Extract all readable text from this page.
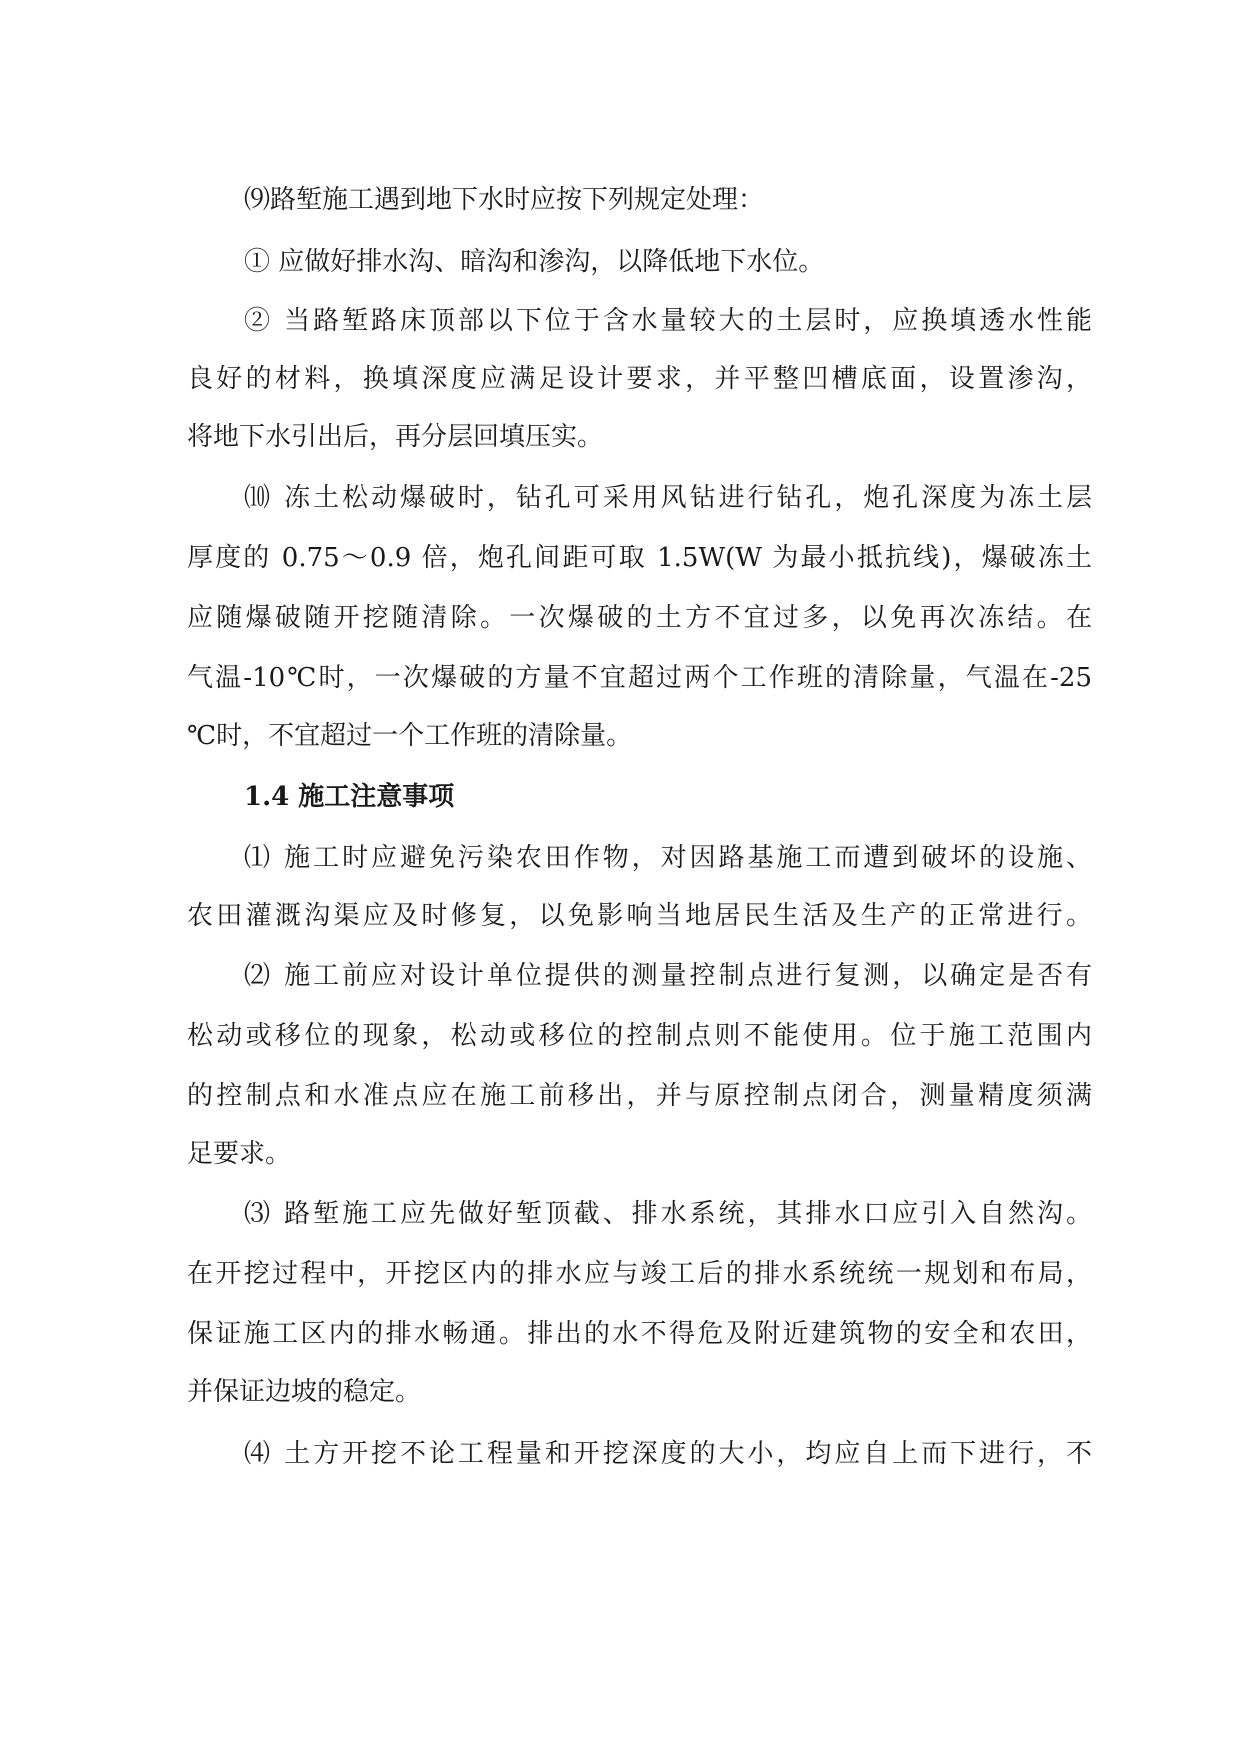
⑼路堑施工遇到地下水时应按下列规定处理：

① 应做好排水沟、暗沟和渗沟，以降低地下水位。

② 当路堑路床顶部以下位于含水量较大的土层时，应换填透水性能

良好的材料，换填深度应满足设计要求，并平整凹槽底面，设置渗沟，

将地下水引出后，再分层回填压实。

⑽ 冻土松动爆破时，钻孔可采用风钻进行钻孔，炮孔深度为冻土层

厚度的 0.75～0.9 倍，炮孔间距可取 1.5W(W 为最小抵抗线)，爆破冻土

应随爆破随开挖随清除。一次爆破的土方不宜过多，以免再次冻结。在

气温-10℃时，一次爆破的方量不宜超过两个工作班的清除量，气温在-25

℃时，不宜超过一个工作班的清除量。

1.4 施工注意事项

⑴ 施工时应避免污染农田作物，对因路基施工而遭到破坏的设施、

农田灌溉沟渠应及时修复，以免影响当地居民生活及生产的正常进行。

⑵ 施工前应对设计单位提供的测量控制点进行复测，以确定是否有

松动或移位的现象，松动或移位的控制点则不能使用。位于施工范围内

的控制点和水准点应在施工前移出，并与原控制点闭合，测量精度须满

足要求。

⑶ 路堑施工应先做好堑顶截、排水系统，其排水口应引入自然沟。

在开挖过程中，开挖区内的排水应与竣工后的排水系统统一规划和布局，

保证施工区内的排水畅通。排出的水不得危及附近建筑物的安全和农田，

并保证边坡的稳定。

⑷ 土方开挖不论工程量和开挖深度的大小，均应自上而下进行，不
